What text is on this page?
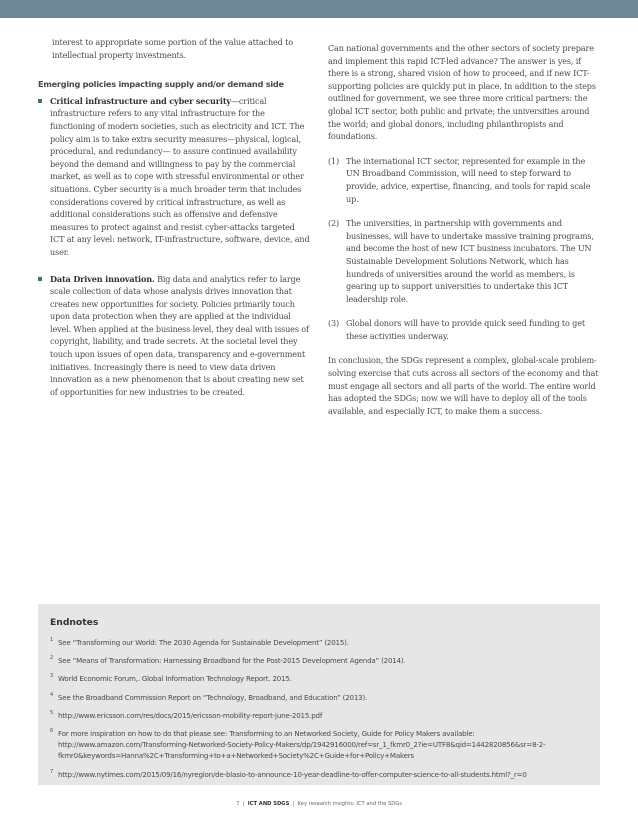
interest to appropriate some portion of the value attached to intellectual property investments.

Emerging policies impacting supply and/or demand side
Critical infrastructure and cyber security—critical infrastructure refers to any vital infrastructure for the functioning of modern societies, such as electricity and ICT. The policy aim is to take extra security measures—physical, logical, procedural, and redundancy— to assure continued availability beyond the demand and willingness to pay by the commercial market, as well as to cope with stressful environmental or other situations. Cyber security is a much broader term that includes considerations covered by critical infrastructure, as well as additional considerations such as offensive and defensive measures to protect against and resist cyber-attacks targeted ICT at any level: network, IT-infrastructure, software, device, and user.
Data Driven innovation. Big data and analytics refer to large scale collection of data whose analysis drives innovation that creates new opportunities for society. Policies primarily touch upon data protection when they are applied at the individual level. When applied at the business level, they deal with issues of copyright, liability, and trade secrets. At the societal level they touch upon issues of open data, transparency and e-government initiatives. Increasingly there is need to view data driven innovation as a new phenomenon that is about creating new set of opportunities for new industries to be created.

Can national governments and the other sectors of society prepare and implement this rapid ICT-led advance? The answer is yes, if there is a strong, shared vision of how to proceed, and if new ICT-supporting policies are quickly put in place. In addition to the steps outlined for government, we see three more critical partners: the global ICT sector, both public and private; the universities around the world; and global donors, including philanthropists and foundations.

(1) The international ICT sector, represented for example in the UN Broadband Commission, will need to step forward to provide, advice, expertise, financing, and tools for rapid scale up.
(2) The universities, in partnership with governments and businesses, will have to undertake massive training programs, and become the host of new ICT business incubators. The UN Sustainable Development Solutions Network, which has hundreds of universities around the world as members, is gearing up to support universities to undertake this ICT leadership role.
(3) Global donors will have to provide quick seed funding to get these activities underway.

In conclusion, the SDGs represent a complex, global-scale problem-solving exercise that cuts across all sectors of the economy and that must engage all sectors and all parts of the world. The entire world has adopted the SDGs; now we will have to deploy all of the tools available, and especially ICT, to make them a success.

Endnotes
1 See “Transforming our World: The 2030 Agenda for Sustainable Development” (2015).
2 See “Means of Transformation: Harnessing Broadband for the Post-2015 Development Agenda” (2014).
3 World Economic Forum,. Global Information Technology Report. 2015.
4 See the Broadband Commission Report on “Technology, Broadband, and Education” (2013).
5 http://www.ericsson.com/res/docs/2015/ericsson-mobility-report-june-2015.pdf
6 For more inspiration on how to do that please see: Transforming to an Networked Society, Guide for Policy Makers available: http://www.amazon.com/Transforming-Networked-Society-Policy-Makers/dp/1942916000/ref=sr_1_fkmr0_2?ie=UTF8&qid=1442820856&sr=8-2-fkmr0&keywords=Hanna%2C+Transforming+to+a+Networked+Society%2C+Guide+for+Policy+Makers
7 http://www.nytimes.com/2015/09/16/nyregion/de-blasio-to-announce-10-year-deadline-to-offer-computer-science-to-all-students.html?_r=0
7  |  ICT AND SDGS  |  Key research insights: ICT and the SDGs
